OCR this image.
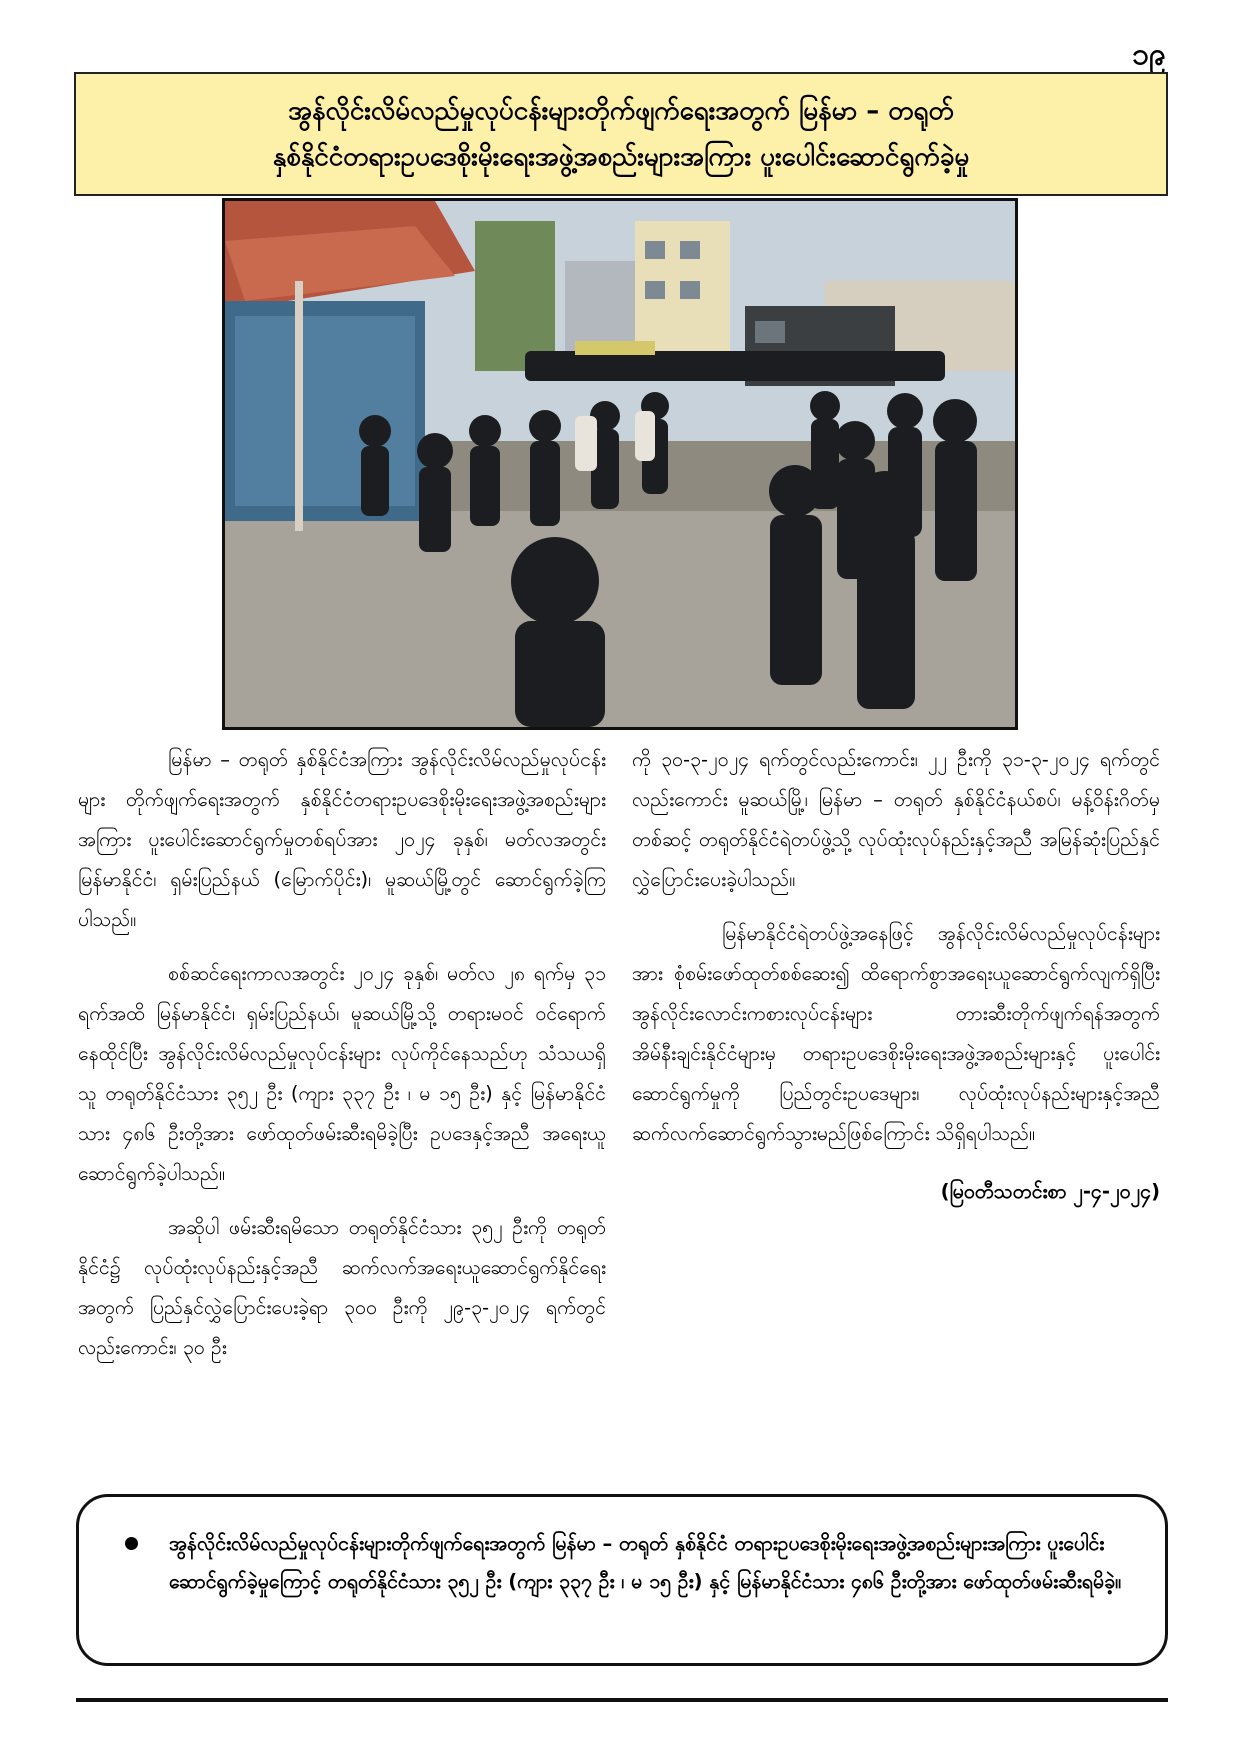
၁၉
အွန်လိုင်းလိမ်လည်မှုလုပ်ငန်းများတိုက်ဖျက်ရေးအတွက် မြန်မာ – တရုတ်
နှစ်နိုင်ငံတရားဥပဒေစိုးမိုးရေးအဖွဲ့အစည်းများအကြား ပူးပေါင်းဆောင်ရွက်ခဲ့မှု

မြန်မာ – တရုတ် နှစ်နိုင်ငံအကြား အွန်လိုင်းလိမ်လည်မှုလုပ်ငန်းများ တိုက်ဖျက်ရေးအတွက် နှစ်နိုင်ငံတရားဥပဒေစိုးမိုးရေးအဖွဲ့အစည်းများအကြား ပူးပေါင်းဆောင်ရွက်မှုတစ်ရပ်အား ၂၀၂၄ ခုနှစ်၊ မတ်လအတွင်း မြန်မာနိုင်ငံ၊ ရှမ်းပြည်နယ် (မြောက်ပိုင်း)၊ မူဆယ်မြို့တွင် ဆောင်ရွက်ခဲ့ကြပါသည်။

စစ်ဆင်ရေးကာလအတွင်း ၂၀၂၄ ခုနှစ်၊ မတ်လ ၂၈ ရက်မှ ၃၁ ရက်အထိ မြန်မာနိုင်ငံ၊ ရှမ်းပြည်နယ်၊ မူဆယ်မြို့သို့ တရားမဝင် ဝင်ရောက်နေထိုင်ပြီး အွန်လိုင်းလိမ်လည်မှုလုပ်ငန်းများ လုပ်ကိုင်နေသည်ဟု သံသယရှိသူ တရုတ်နိုင်ငံသား ၃၅၂ ဦး (ကျား ၃၃၇ ဦး ၊ မ ၁၅ ဦး) နှင့် မြန်မာနိုင်ငံသား ၄၈၆ ဦးတို့အား ဖော်ထုတ်ဖမ်းဆီးရမိခဲ့ပြီး ဥပဒေနှင့်အညီ အရေးယူဆောင်ရွက်ခဲ့ပါသည်။

အဆိုပါ ဖမ်းဆီးရမိသော တရုတ်နိုင်ငံသား ၃၅၂ ဦးကို တရုတ်နိုင်ငံ၌ လုပ်ထုံးလုပ်နည်းနှင့်အညီ ဆက်လက်အရေးယူဆောင်ရွက်နိုင်ရေးအတွက် ပြည်နှင်လွှဲပြောင်းပေးခဲ့ရာ ၃၀၀ ဦးကို ၂၉-၃-၂၀၂၄ ရက်တွင်လည်းကောင်း၊ ၃၀ ဦး

ကို ၃၀-၃-၂၀၂၄ ရက်တွင်လည်းကောင်း၊ ၂၂ ဦးကို ၃၁-၃-၂၀၂၄ ရက်တွင်လည်းကောင်း မူဆယ်မြို့၊ မြန်မာ – တရုတ် နှစ်နိုင်ငံနယ်စပ်၊ မန့်ဝိန်းဂိတ်မှတစ်ဆင့် တရုတ်နိုင်ငံရဲတပ်ဖွဲ့သို့ လုပ်ထုံးလုပ်နည်းနှင့်အညီ အမြန်ဆုံးပြည်နှင်လွှဲပြောင်းပေးခဲ့ပါသည်။

မြန်မာနိုင်ငံရဲတပ်ဖွဲ့အနေဖြင့် အွန်လိုင်းလိမ်လည်မှုလုပ်ငန်းများအား စုံစမ်းဖော်ထုတ်စစ်ဆေး၍ ထိရောက်စွာအရေးယူဆောင်ရွက်လျက်ရှိပြီး အွန်လိုင်းလောင်းကစားလုပ်ငန်းများ တားဆီးတိုက်ဖျက်ရန်အတွက် အိမ်နီးချင်းနိုင်ငံများမှ တရားဥပဒေစိုးမိုးရေးအဖွဲ့အစည်းများနှင့် ပူးပေါင်းဆောင်ရွက်မှုကို ပြည်တွင်းဥပဒေများ၊ လုပ်ထုံးလုပ်နည်းများနှင့်အညီ ဆက်လက်ဆောင်ရွက်သွားမည်ဖြစ်ကြောင်း သိရှိရပါသည်။

(မြဝတီသတင်းစာ ၂-၄-၂၀၂၄)

အွန်လိုင်းလိမ်လည်မှုလုပ်ငန်းများတိုက်ဖျက်ရေးအတွက် မြန်မာ – တရုတ် နှစ်နိုင်ငံ တရားဥပဒေစိုးမိုးရေးအဖွဲ့အစည်းများအကြား ပူးပေါင်းဆောင်ရွက်ခဲ့မှုကြောင့် တရုတ်နိုင်ငံသား ၃၅၂ ဦး (ကျား ၃၃၇ ဦး ၊ မ ၁၅ ဦး) နှင့် မြန်မာနိုင်ငံသား ၄၈၆ ဦးတို့အား ဖော်ထုတ်ဖမ်းဆီးရမိခဲ့။
